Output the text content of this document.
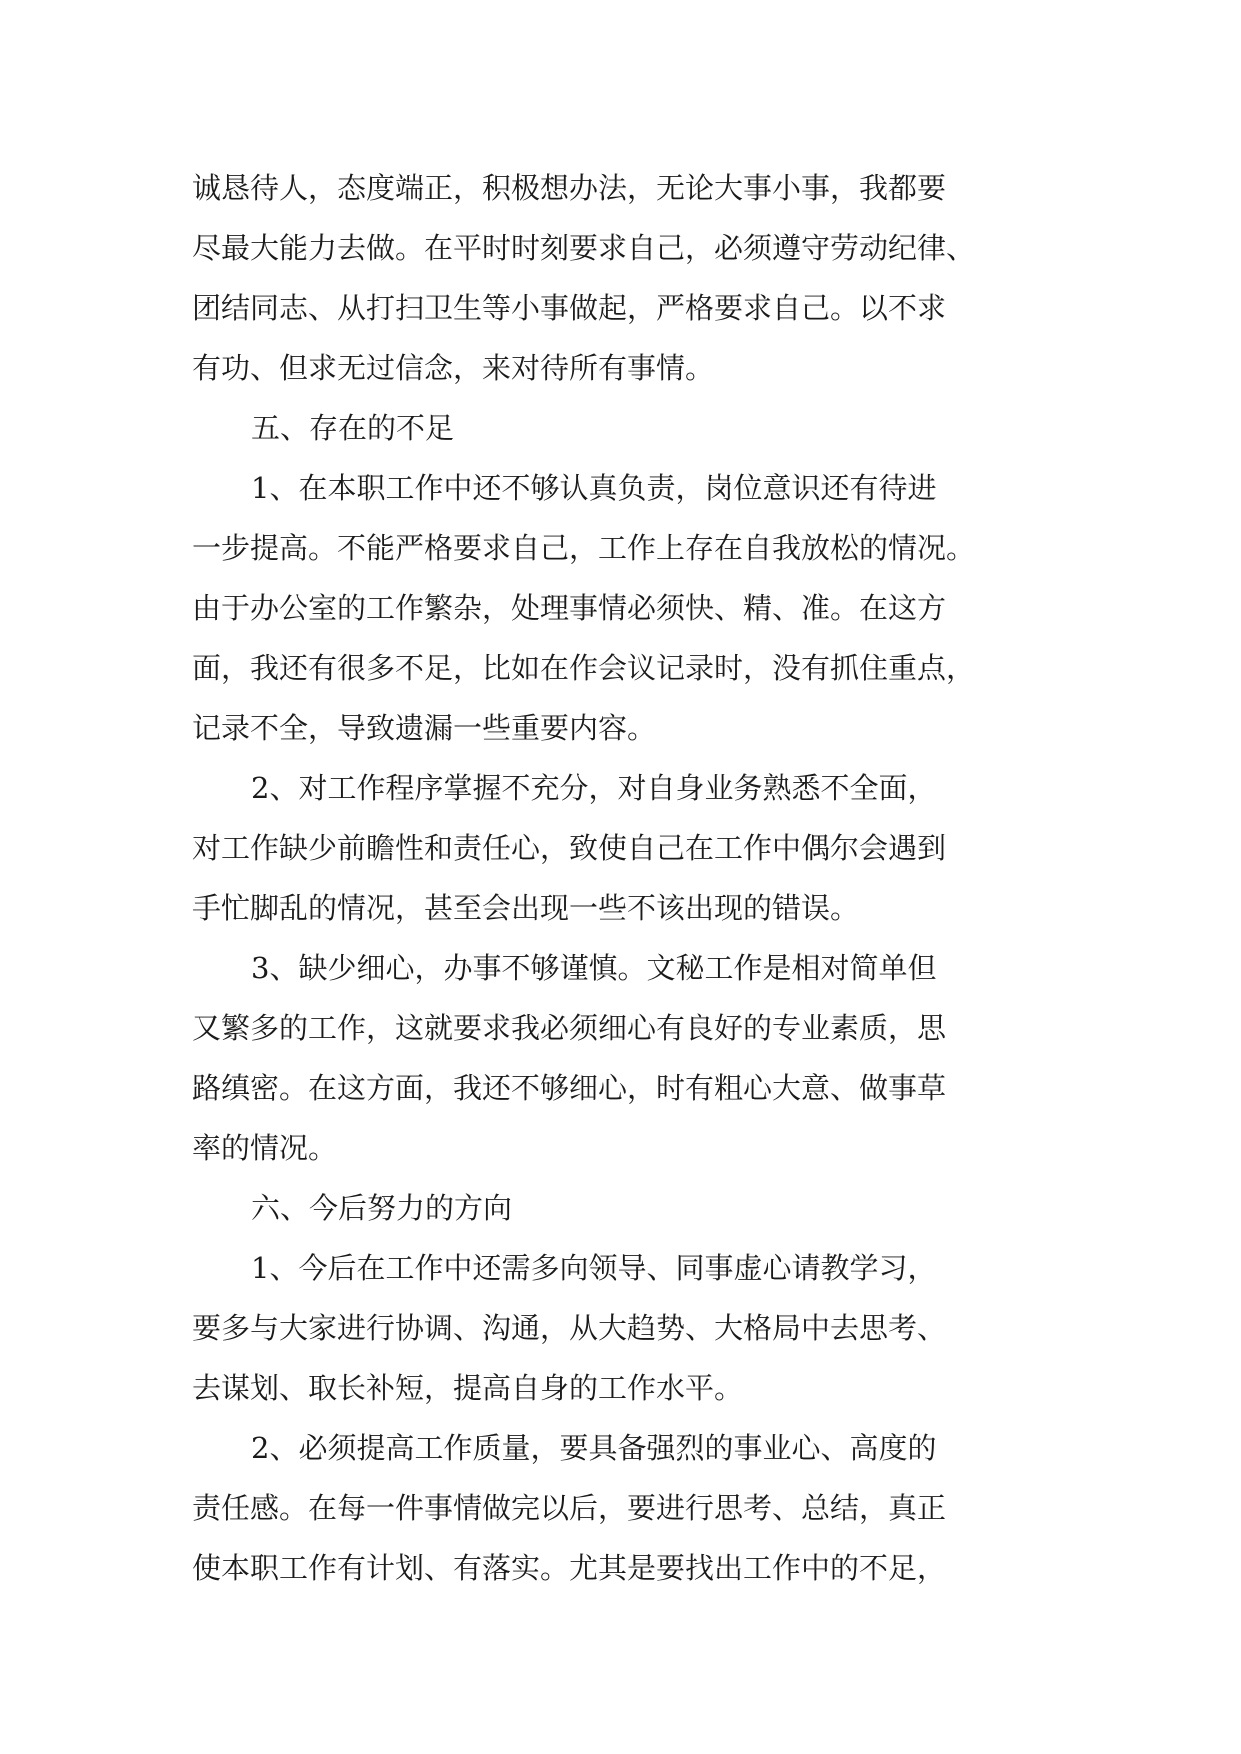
诚恳待人，态度端正，积极想办法，无论大事小事，我都要
尽最大能力去做。在平时时刻要求自己，必须遵守劳动纪律、
团结同志、从打扫卫生等小事做起，严格要求自己。以不求
有功、但求无过信念，来对待所有事情。
五、存在的不足
1、在本职工作中还不够认真负责，岗位意识还有待进
一步提高。不能严格要求自己，工作上存在自我放松的情况。
由于办公室的工作繁杂，处理事情必须快、精、准。在这方
面，我还有很多不足，比如在作会议记录时，没有抓住重点，
记录不全，导致遗漏一些重要内容。
2、对工作程序掌握不充分，对自身业务熟悉不全面，
对工作缺少前瞻性和责任心，致使自己在工作中偶尔会遇到
手忙脚乱的情况，甚至会出现一些不该出现的错误。
3、缺少细心，办事不够谨慎。文秘工作是相对简单但
又繁多的工作，这就要求我必须细心有良好的专业素质，思
路缜密。在这方面，我还不够细心，时有粗心大意、做事草
率的情况。
六、今后努力的方向
1、今后在工作中还需多向领导、同事虚心请教学习，
要多与大家进行协调、沟通，从大趋势、大格局中去思考、
去谋划、取长补短，提高自身的工作水平。
2、必须提高工作质量，要具备强烈的事业心、高度的
责任感。在每一件事情做完以后，要进行思考、总结，真正
使本职工作有计划、有落实。尤其是要找出工作中的不足，
